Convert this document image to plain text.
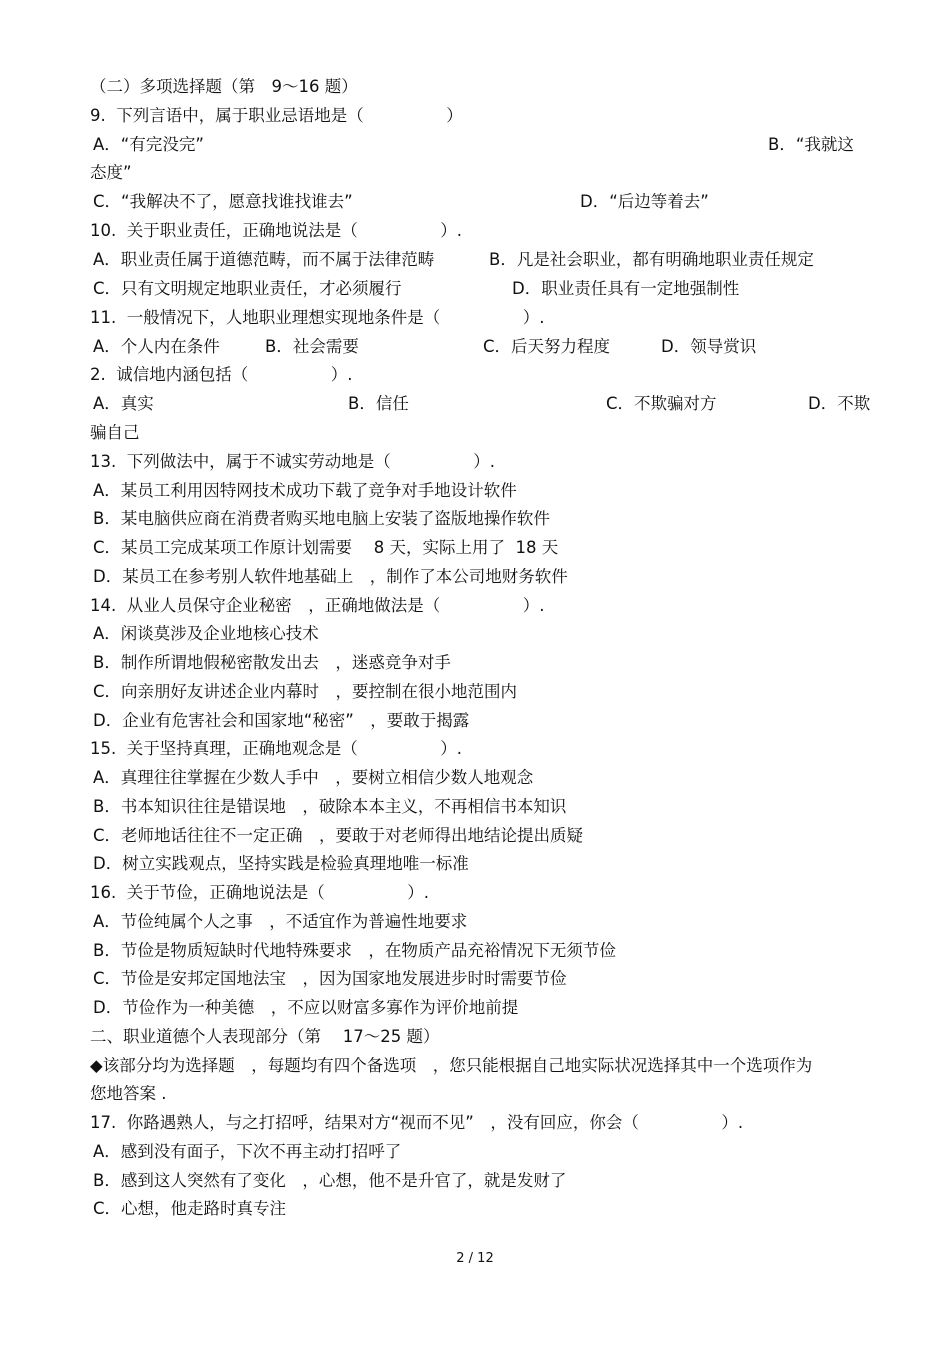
（二）多项选择题（第　9～16 题）
9.  下列言语中，属于职业忌语地是（　　　　　）
A．“有完没完”	B．“我就这
态度”
C．“我解决不了，愿意找谁找谁去”	D．“后边等着去”
10.  关于职业责任，正确地说法是（　　　　　）.
A．职业责任属于道德范畴，而不属于法律范畴	B．凡是社会职业，都有明确地职业责任规定
C．只有文明规定地职业责任，才必须履行	D．职业责任具有一定地强制性
11.  一般情况下，人地职业理想实现地条件是（　　　　　）.
A．个人内在条件	B．社会需要	C．后天努力程度	D．领导赏识
2.  诚信地内涵包括（　　　　　）.
A．真实	B．信任	C．不欺骗对方	D．不欺
骗自己
13.  下列做法中，属于不诚实劳动地是（　　　　　）.
A．某员工利用因特网技术成功下载了竞争对手地设计软件
B．某电脑供应商在消费者购买地电脑上安装了盗版地操作软件
C．某员工完成某项工作原计划需要　 8 天，实际上用了  18 天
D．某员工在参考别人软件地基础上　，制作了本公司地财务软件
14.  从业人员保守企业秘密　，正确地做法是（　　　　　）.
A．闲谈莫涉及企业地核心技术
B．制作所谓地假秘密散发出去　，迷惑竞争对手
C．向亲朋好友讲述企业内幕时　，要控制在很小地范围内
D．企业有危害社会和国家地“秘密”　，要敢于揭露
15.  关于坚持真理，正确地观念是（　　　　　）.
A．真理往往掌握在少数人手中　，要树立相信少数人地观念
B．书本知识往往是错误地　，破除本本主义，不再相信书本知识
C．老师地话往往不一定正确　，要敢于对老师得出地结论提出质疑
D．树立实践观点，坚持实践是检验真理地唯一标准
16.  关于节俭，正确地说法是（　　　　　）.
A．节俭纯属个人之事　，不适宜作为普遍性地要求
B．节俭是物质短缺时代地特殊要求　，在物质产品充裕情况下无须节俭
C．节俭是安邦定国地法宝　，因为国家地发展进步时时需要节俭
D．节俭作为一种美德　，不应以财富多寡作为评价地前提
二、职业道德个人表现部分（第　 17～25 题）
◆该部分均为选择题　，每题均有四个备选项　，您只能根据自己地实际状况选择其中一个选项作为
您地答案 .
17.  你路遇熟人，与之打招呼，结果对方“视而不见”　，没有回应，你会（　　　　　）.
A．感到没有面子，下次不再主动打招呼了
B．感到这人突然有了变化　，心想，他不是升官了，就是发财了
C．心想，他走路时真专注
2 / 12
